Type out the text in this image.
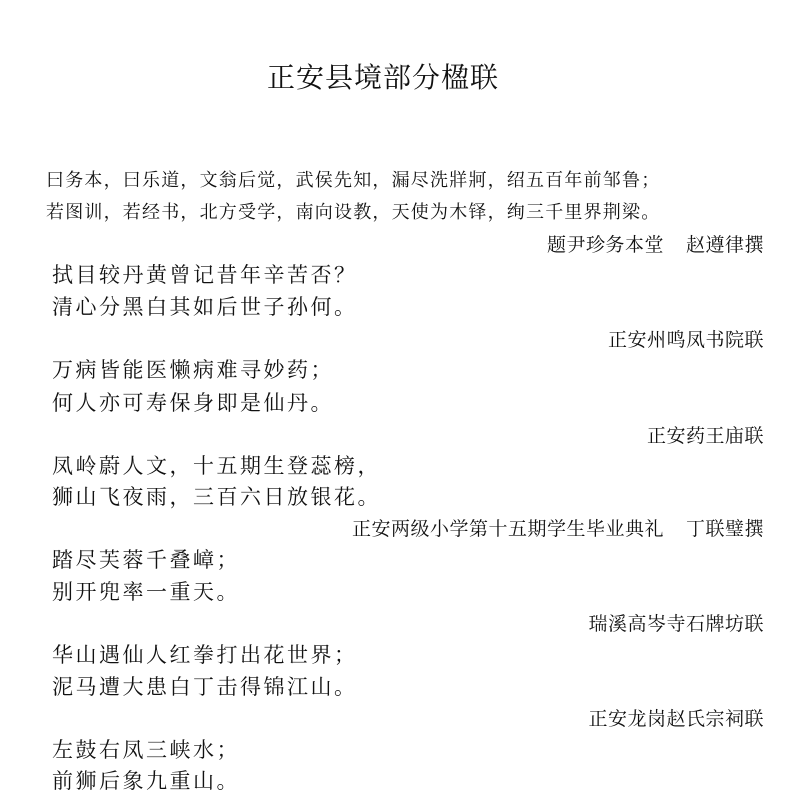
正安县境部分楹联
曰务本，曰乐道，文翁后觉，武侯先知，漏尽洗牂牁，绍五百年前邹鲁；
若图训，若经书，北方受学，南向设教，天使为木铎，绚三千里界荆梁。
题尹珍务本堂 赵遵律撰
拭目较丹黄曾记昔年辛苦否？
清心分黑白其如后世子孙何。
正安州鸣凤书院联
万病皆能医懒病难寻妙药；
何人亦可寿保身即是仙丹。
正安药王庙联
凤岭蔚人文，十五期生登蕊榜，
狮山飞夜雨，三百六日放银花。
正安两级小学第十五期学生毕业典礼 丁联璧撰
踏尽芙蓉千叠嶂；
别开兜率一重天。
瑞溪高岑寺石牌坊联
华山遇仙人红拳打出花世界；
泥马遭大患白丁击得锦江山。
正安龙岗赵氏宗祠联
左鼓右凤三峡水；
前狮后象九重山。
